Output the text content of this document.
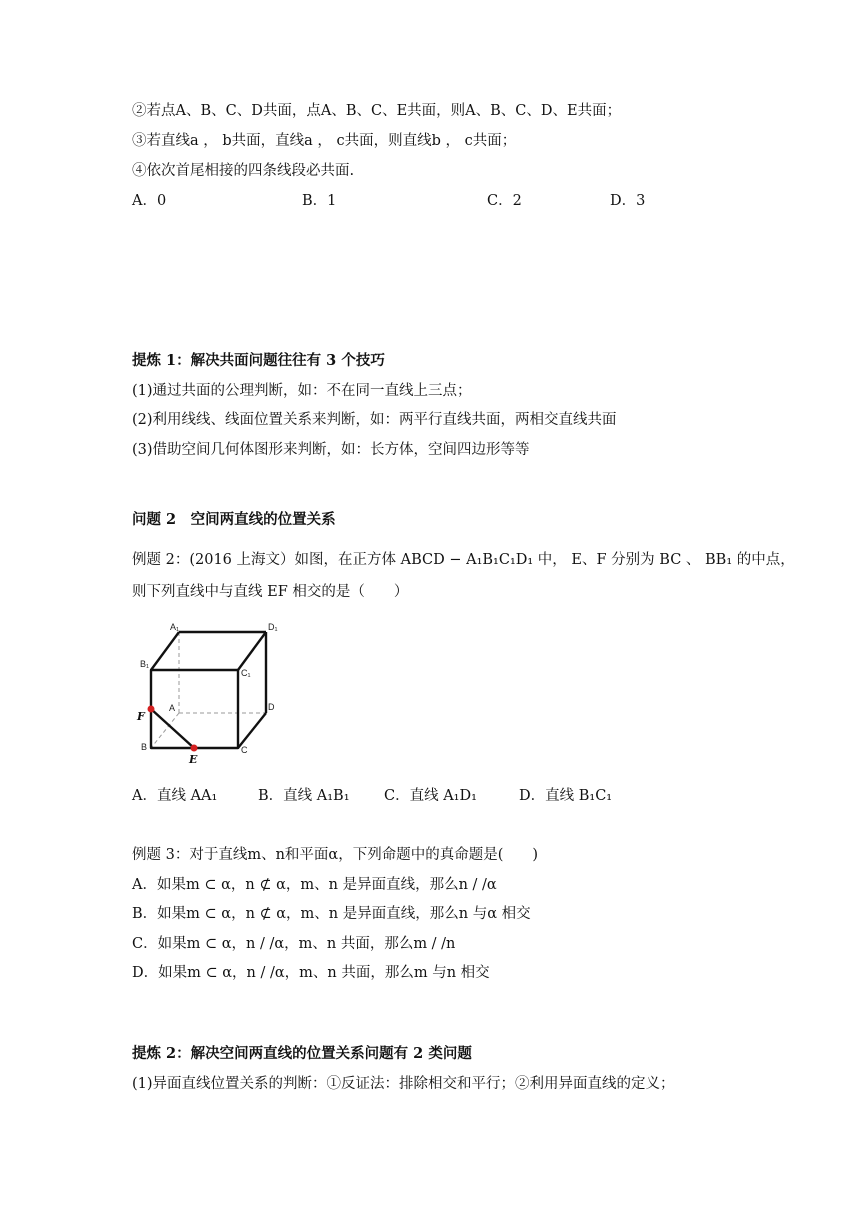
②若点A、B、C、D共面，点A、B、C、E共面，则A、B、C、D、E共面；
③若直线a ， b共面，直线a ， c共面，则直线b ， c共面；
④依次首尾相接的四条线段必共面.
A．0	B．1	C．2	D．3
提炼 1：解决共面问题往往有 3 个技巧
(1)通过共面的公理判断，如：不在同一直线上三点；
(2)利用线线、线面位置关系来判断，如：两平行直线共面，两相交直线共面
(3)借助空间几何体图形来判断，如：长方体，空间四边形等等
问题 2　空间两直线的位置关系
例题 2：(2016 上海文）如图，在正方体 ABCD − A₁B₁C₁D₁ 中， E、F 分别为 BC 、 BB₁ 的中点，
则下列直线中与直线 EF 相交的是（　　）
A₁	D₁
B₁
C₁
A	D
B	C
F
E
A．直线 AA₁	B．直线 A₁B₁ C．直线 A₁D₁	D．直线 B₁C₁
例题 3：对于直线m、n和平面α，下列命题中的真命题是(　　)
A．如果m ⊂ α，n ⊄ α，m、n 是异面直线，那么n / /α
B．如果m ⊂ α，n ⊄ α，m、n 是异面直线，那么n 与α 相交
C．如果m ⊂ α，n / /α，m、n 共面，那么m / /n
D．如果m ⊂ α，n / /α，m、n 共面，那么m 与n 相交
提炼 2：解决空间两直线的位置关系问题有 2 类问题
(1)异面直线位置关系的判断：①反证法：排除相交和平行；②利用异面直线的定义；
